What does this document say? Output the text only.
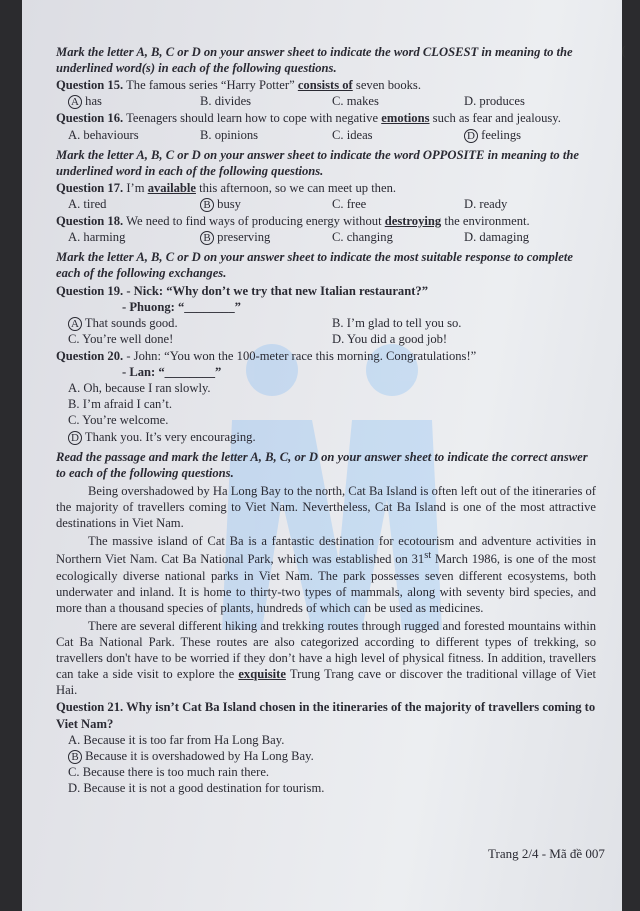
(
Mark the letter A, B, C or D on your answer sheet to indicate the word CLOSEST in meaning to the underlined word(s) in each of the following questions.
Question 15. The famous series “Harry Potter” consists of seven books.
A has	B. divides	C. makes	D. produces
Question 16. Teenagers should learn how to cope with negative emotions such as fear and jealousy.
A. behaviours	B. opinions	C. ideas	D feelings
Mark the letter A, B, C or D on your answer sheet to indicate the word OPPOSITE in meaning to the underlined word in each of the following questions.
Question 17. I’m available this afternoon, so we can meet up then.
A. tired	B busy	C. free	D. ready
Question 18. We need to find ways of producing energy without destroying the environment.
A. harming	B preserving	C. changing	D. damaging
Mark the letter A, B, C or D on your answer sheet to indicate the most suitable response to complete each of the following exchanges.
Question 19. - Nick: “Why don’t we try that new Italian restaurant?”
- Phuong: “________”
A That sounds good.	B. I’m glad to tell you so.
C. You’re well done!	D. You did a good job!
Question 20. - John: “You won the 100-meter race this morning. Congratulations!”
- Lan: “________”
A. Oh, because I ran slowly.
B. I’m afraid I can’t.
C. You’re welcome.
D Thank you. It’s very encouraging.
Read the passage and mark the letter A, B, C, or D on your answer sheet to indicate the correct answer to each of the following questions.
Being overshadowed by Ha Long Bay to the north, Cat Ba Island is often left out of the itineraries of the majority of travellers coming to Viet Nam. Nevertheless, Cat Ba Island is one of the most attractive destinations in Viet Nam.
The massive island of Cat Ba is a fantastic destination for ecotourism and adventure activities in Northern Viet Nam. Cat Ba National Park, which was established on 31st March 1986, is one of the most ecologically diverse national parks in Viet Nam. The park possesses seven different ecosystems, both underwater and inland. It is home to thirty-two types of mammals, along with seventy bird species, and more than a thousand species of plants, hundreds of which can be used as medicines.
There are several different hiking and trekking routes through rugged and forested mountains within Cat Ba National Park. These routes are also categorized according to different types of trekking, so travellers don't have to be worried if they don’t have a high level of physical fitness. In addition, travellers can take a side visit to explore the exquisite Trung Trang cave or discover the traditional village of Viet Hai.
Question 21. Why isn’t Cat Ba Island chosen in the itineraries of the majority of travellers coming to Viet Nam?
A. Because it is too far from Ha Long Bay.
B Because it is overshadowed by Ha Long Bay.
C. Because there is too much rain there.
D. Because it is not a good destination for tourism.
Trang 2/4 - Mã đề 007
